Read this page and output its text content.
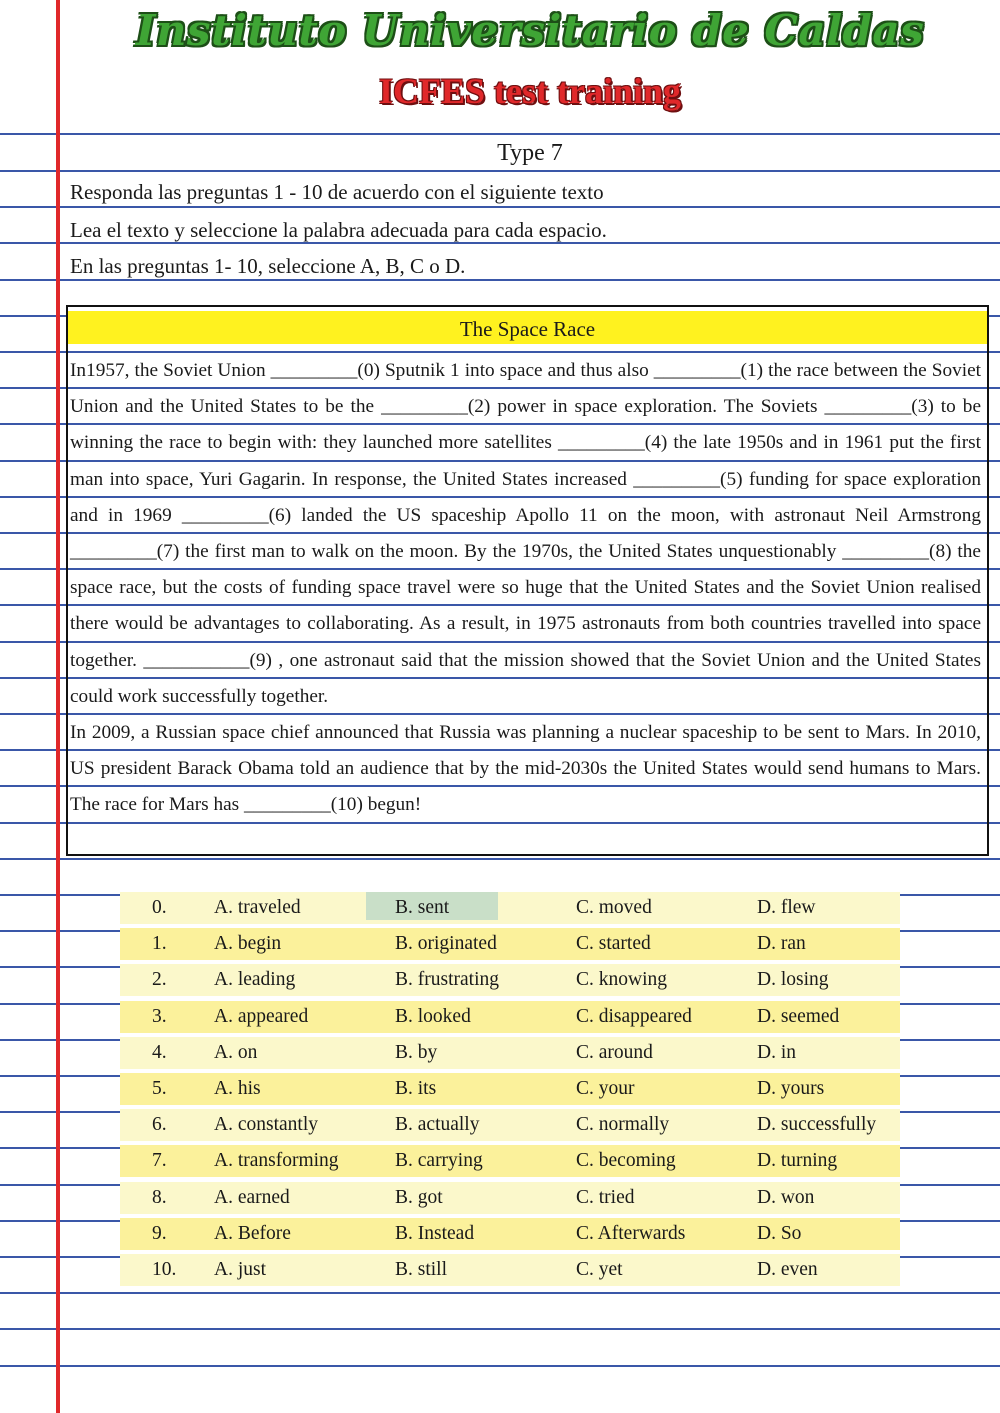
Instituto Universitario de Caldas
ICFES test training
Type 7
Responda las preguntas 1 - 10 de acuerdo con el siguiente texto
Lea el texto y seleccione la palabra adecuada para cada espacio.
En las preguntas 1- 10, seleccione A, B, C o D.
The Space Race

In1957, the Soviet Union _________(0) Sputnik 1 into space and thus also _________(1) the race between the Soviet Union and the United States to be the _________(2) power in space exploration. The Soviets _________(3) to be winning the race to begin with: they launched more satellites _________(4) the late 1950s and in 1961 put the first man into space, Yuri Gagarin. In response, the United States increased _________(5) funding for space exploration and in 1969 _________(6) landed the US spaceship Apollo 11 on the moon, with astronaut Neil Armstrong _________(7) the first man to walk on the moon. By the 1970s, the United States unquestionably _________(8) the space race, but the costs of funding space travel were so huge that the United States and the Soviet Union realised there would be advantages to collaborating. As a result, in 1975 astronauts from both countries travelled into space together. ___________(9) , one astronaut said that the mission showed that the Soviet Union and the United States could work successfully together.

In 2009, a Russian space chief announced that Russia was planning a nuclear spaceship to be sent to Mars. In 2010, US president Barack Obama told an audience that by the mid-2030s the United States would send humans to Mars. The race for Mars has _________(10) begun!

0. A. traveled	B. sent	C. moved	D. flew
1. A. begin	B. originated	C. started	D. ran
2. A. leading	B. frustrating	C. knowing	D. losing
3. A. appeared	B. looked	C. disappeared	D. seemed
4. A. on	B. by	C. around	D. in
5. A. his	B. its	C. your	D. yours
6. A. constantly	B. actually	C. normally	D. successfully
7. A. transforming	B. carrying	C. becoming	D. turning
8. A. earned	B. got	C. tried	D. won
9. A. Before	B. Instead	C. Afterwards	D. So
10. A. just	B. still	C. yet	D. even
